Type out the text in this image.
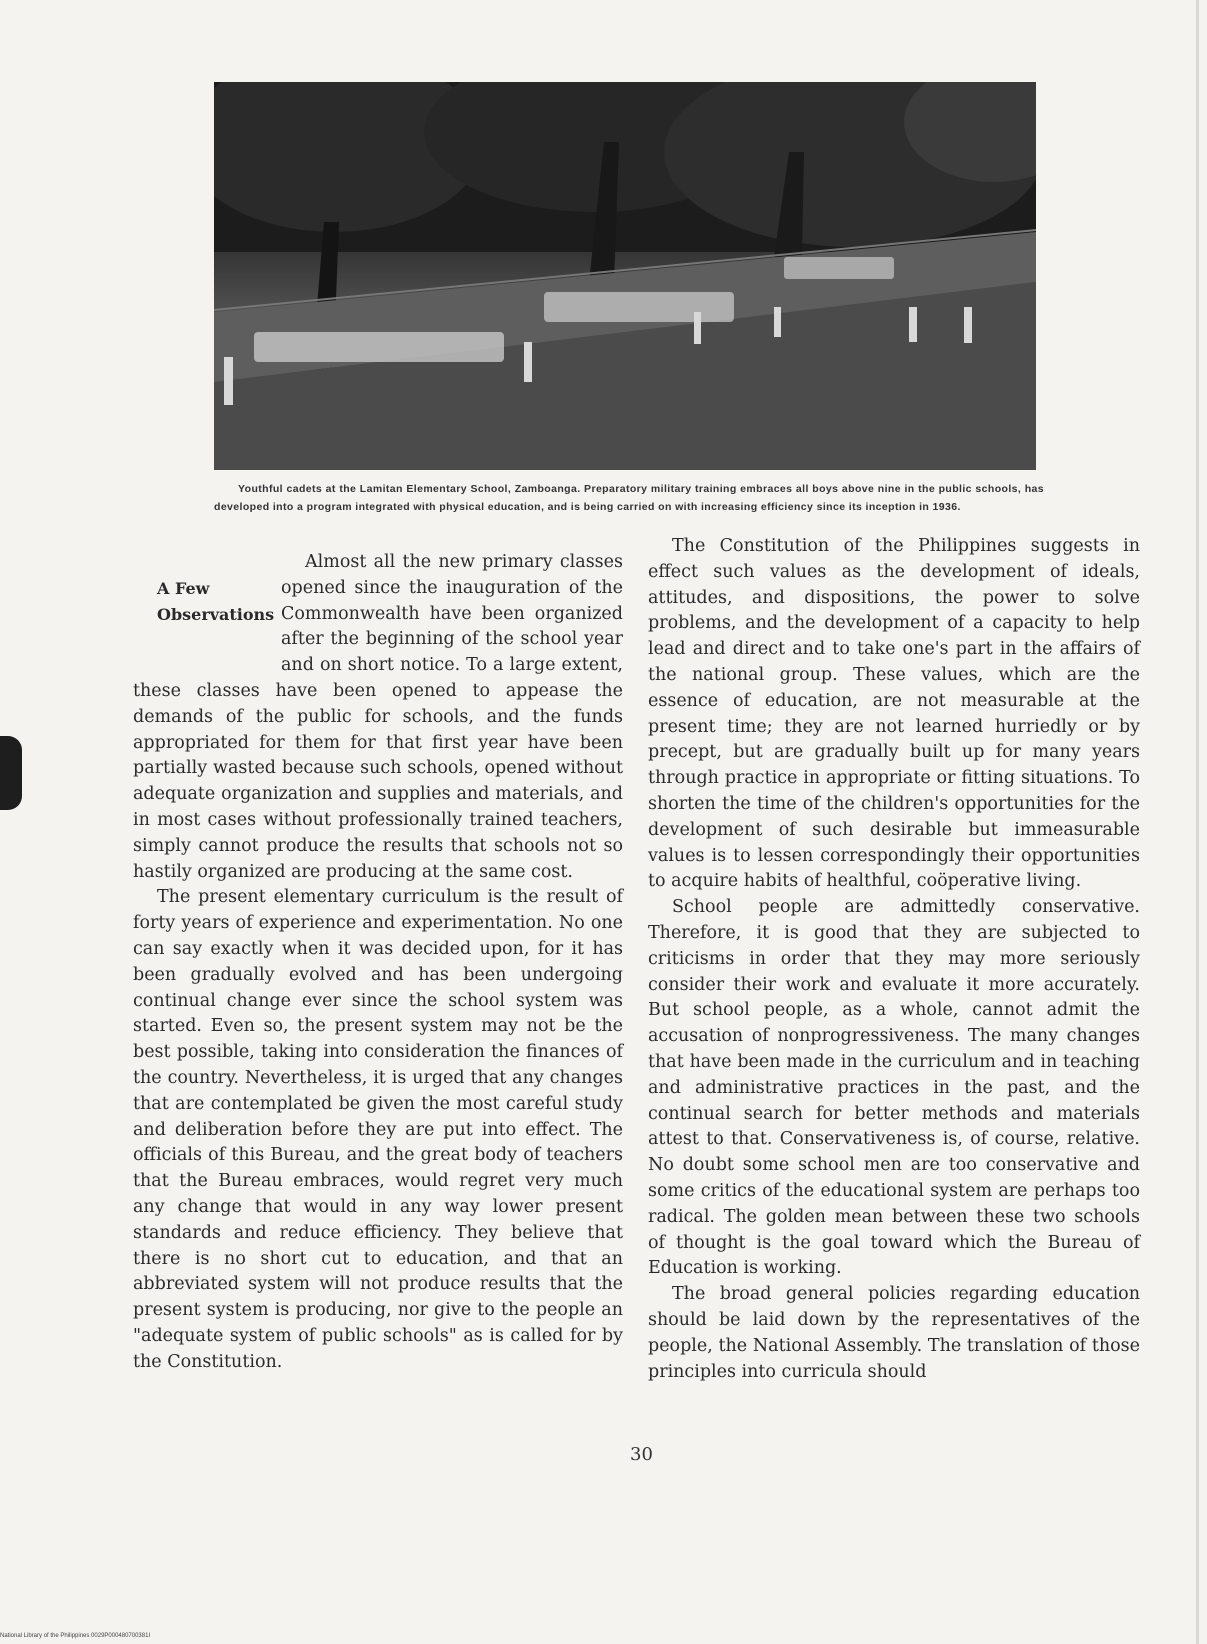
Youthful cadets at the Lamitan Elementary School, Zamboanga. Preparatory military training embraces all boys above nine in the public schools, has developed into a program integrated with physical education, and is being carried on with increasing efficiency since its inception in 1936.

A Few
Observations
Almost all the new primary classes opened since the inauguration of the Commonwealth have been organized after the beginning of the school year and on short notice. To a large extent, these classes have been opened to appease the demands of the public for schools, and the funds appropriated for them for that first year have been partially wasted because such schools, opened without adequate organization and supplies and materials, and in most cases without professionally trained teachers, simply cannot produce the results that schools not so hastily organized are producing at the same cost.

The present elementary curriculum is the result of forty years of experience and experimentation. No one can say exactly when it was decided upon, for it has been gradually evolved and has been undergoing continual change ever since the school system was started. Even so, the present system may not be the best possible, taking into consideration the finances of the country. Nevertheless, it is urged that any changes that are contemplated be given the most careful study and deliberation before they are put into effect. The officials of this Bureau, and the great body of teachers that the Bureau embraces, would regret very much any change that would in any way lower present standards and reduce efficiency. They believe that there is no short cut to education, and that an abbreviated system will not produce results that the present system is producing, nor give to the people an "adequate system of public schools" as is called for by the Constitution.

The Constitution of the Philippines suggests in effect such values as the development of ideals, attitudes, and dispositions, the power to solve problems, and the development of a capacity to help lead and direct and to take one's part in the affairs of the national group. These values, which are the essence of education, are not measurable at the present time; they are not learned hurriedly or by precept, but are gradually built up for many years through practice in appropriate or fitting situations. To shorten the time of the children's opportunities for the development of such desirable but immeasurable values is to lessen correspondingly their opportunities to acquire habits of healthful, coöperative living.

School people are admittedly conservative. Therefore, it is good that they are subjected to criticisms in order that they may more seriously consider their work and evaluate it more accurately. But school people, as a whole, cannot admit the accusation of nonprogressiveness. The many changes that have been made in the curriculum and in teaching and administrative practices in the past, and the continual search for better methods and materials attest to that. Conservativeness is, of course, relative. No doubt some school men are too conservative and some critics of the educational system are perhaps too radical. The golden mean between these two schools of thought is the goal toward which the Bureau of Education is working.

The broad general policies regarding education should be laid down by the representatives of the people, the National Assembly. The translation of those principles into curricula should

30
National Library of the Philippines 0029P000480700381I
